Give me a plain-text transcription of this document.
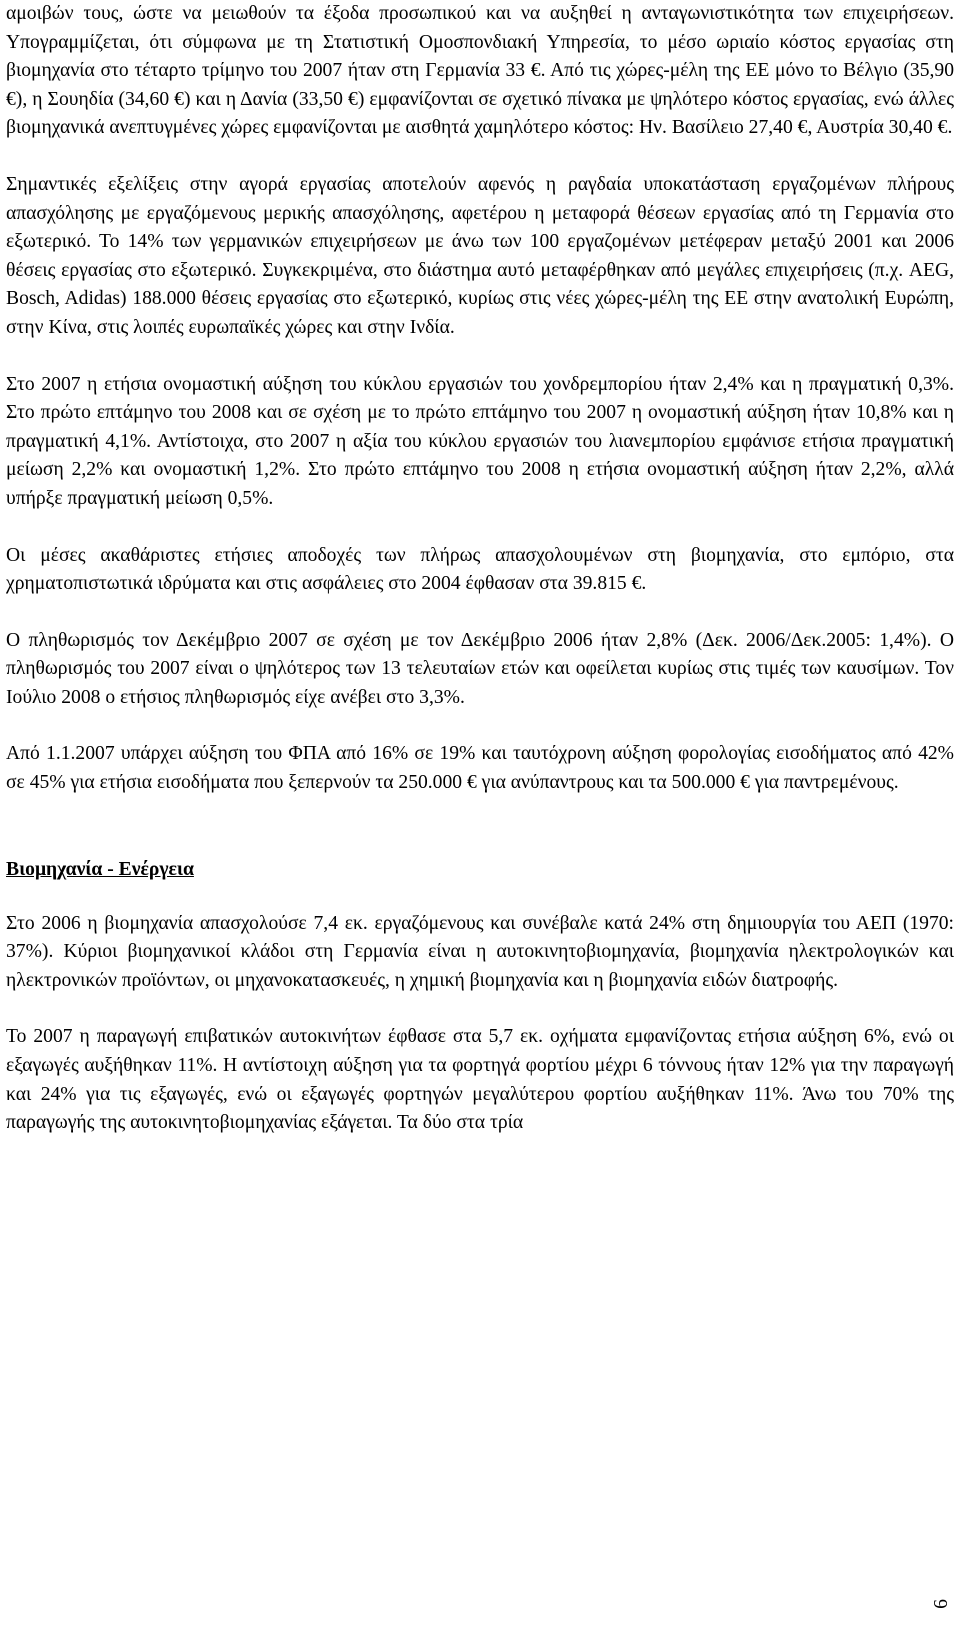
αμοιβών τους, ώστε να μειωθούν τα έξοδα προσωπικού και να αυξηθεί η ανταγωνιστικότητα των επιχειρήσεων. Υπογραμμίζεται, ότι σύμφωνα με τη Στατιστική Ομοσπονδιακή Υπηρεσία, το μέσο ωριαίο κόστος εργασίας στη βιομηχανία στο τέταρτο τρίμηνο του 2007 ήταν στη Γερμανία 33 €. Από τις χώρες-μέλη της ΕΕ μόνο το Βέλγιο (35,90 €), η Σουηδία (34,60 €) και η Δανία (33,50 €) εμφανίζονται σε σχετικό πίνακα με ψηλότερο κόστος εργασίας, ενώ άλλες βιομηχανικά ανεπτυγμένες χώρες εμφανίζονται με αισθητά χαμηλότερο κόστος: Ην. Βασίλειο 27,40 €, Αυστρία 30,40 €.

Σημαντικές εξελίξεις στην αγορά εργασίας αποτελούν αφενός η ραγδαία υποκατάσταση εργαζομένων πλήρους απασχόλησης με εργαζόμενους μερικής απασχόλησης, αφετέρου η μεταφορά θέσεων εργασίας από τη Γερμανία στο εξωτερικό. Το 14% των γερμανικών επιχειρήσεων με άνω των 100 εργαζομένων μετέφεραν μεταξύ 2001 και 2006 θέσεις εργασίας στο εξωτερικό. Συγκεκριμένα, στο διάστημα αυτό μεταφέρθηκαν από μεγάλες επιχειρήσεις (π.χ. AEG, Bosch, Adidas) 188.000 θέσεις εργασίας στο εξωτερικό, κυρίως στις νέες χώρες-μέλη της ΕΕ στην ανατολική Ευρώπη, στην Κίνα, στις λοιπές ευρωπαϊκές χώρες και στην Ινδία.

Στο 2007 η ετήσια ονομαστική αύξηση του κύκλου εργασιών του χονδρεμπορίου ήταν 2,4% και η πραγματική 0,3%. Στο πρώτο επτάμηνο του 2008 και σε σχέση με το πρώτο επτάμηνο του 2007 η ονομαστική αύξηση ήταν 10,8% και η πραγματική 4,1%. Αντίστοιχα, στο 2007 η αξία του κύκλου εργασιών του λιανεμπορίου εμφάνισε ετήσια πραγματική μείωση 2,2% και ονομαστική 1,2%. Στο πρώτο επτάμηνο του 2008 η ετήσια ονομαστική αύξηση ήταν 2,2%, αλλά υπήρξε πραγματική μείωση 0,5%.

Οι μέσες ακαθάριστες ετήσιες αποδοχές των πλήρως απασχολουμένων στη βιομηχανία, στο εμπόριο, στα χρηματοπιστωτικά ιδρύματα και στις ασφάλειες στο 2004 έφθασαν στα 39.815 €.

Ο πληθωρισμός τον Δεκέμβριο 2007 σε σχέση με τον Δεκέμβριο 2006 ήταν 2,8% (Δεκ. 2006/Δεκ.2005: 1,4%). Ο πληθωρισμός του 2007 είναι ο ψηλότερος των 13 τελευταίων ετών και οφείλεται κυρίως στις τιμές των καυσίμων. Τον Ιούλιο 2008 ο ετήσιος πληθωρισμός είχε ανέβει στο 3,3%.

Από 1.1.2007 υπάρχει αύξηση του ΦΠΑ από 16% σε 19% και ταυτόχρονη αύξηση φορολογίας εισοδήματος από 42% σε 45% για ετήσια εισοδήματα που ξεπερνούν τα 250.000 € για ανύπαντρους και τα 500.000 € για παντρεμένους.

Βιομηχανία - Ενέργεια

Στο 2006 η βιομηχανία απασχολούσε 7,4 εκ. εργαζόμενους και συνέβαλε κατά 24% στη δημιουργία του ΑΕΠ (1970: 37%). Κύριοι βιομηχανικοί κλάδοι στη Γερμανία είναι η αυτοκινητοβιομηχανία, βιομηχανία ηλεκτρολογικών και ηλεκτρονικών προϊόντων, οι μηχανοκατασκευές, η χημική βιομηχανία και η βιομηχανία ειδών διατροφής.

Το 2007 η παραγωγή επιβατικών αυτοκινήτων έφθασε στα 5,7 εκ. οχήματα εμφανίζοντας ετήσια αύξηση 6%, ενώ οι εξαγωγές αυξήθηκαν 11%. Η αντίστοιχη αύξηση για τα φορτηγά φορτίου μέχρι 6 τόννους ήταν 12% για την παραγωγή και 24% για τις εξαγωγές, ενώ οι εξαγωγές φορτηγών μεγαλύτερου φορτίου αυξήθηκαν 11%. Άνω του 70% της παραγωγής της αυτοκινητοβιομηχανίας εξάγεται. Τα δύο στα τρία

6
